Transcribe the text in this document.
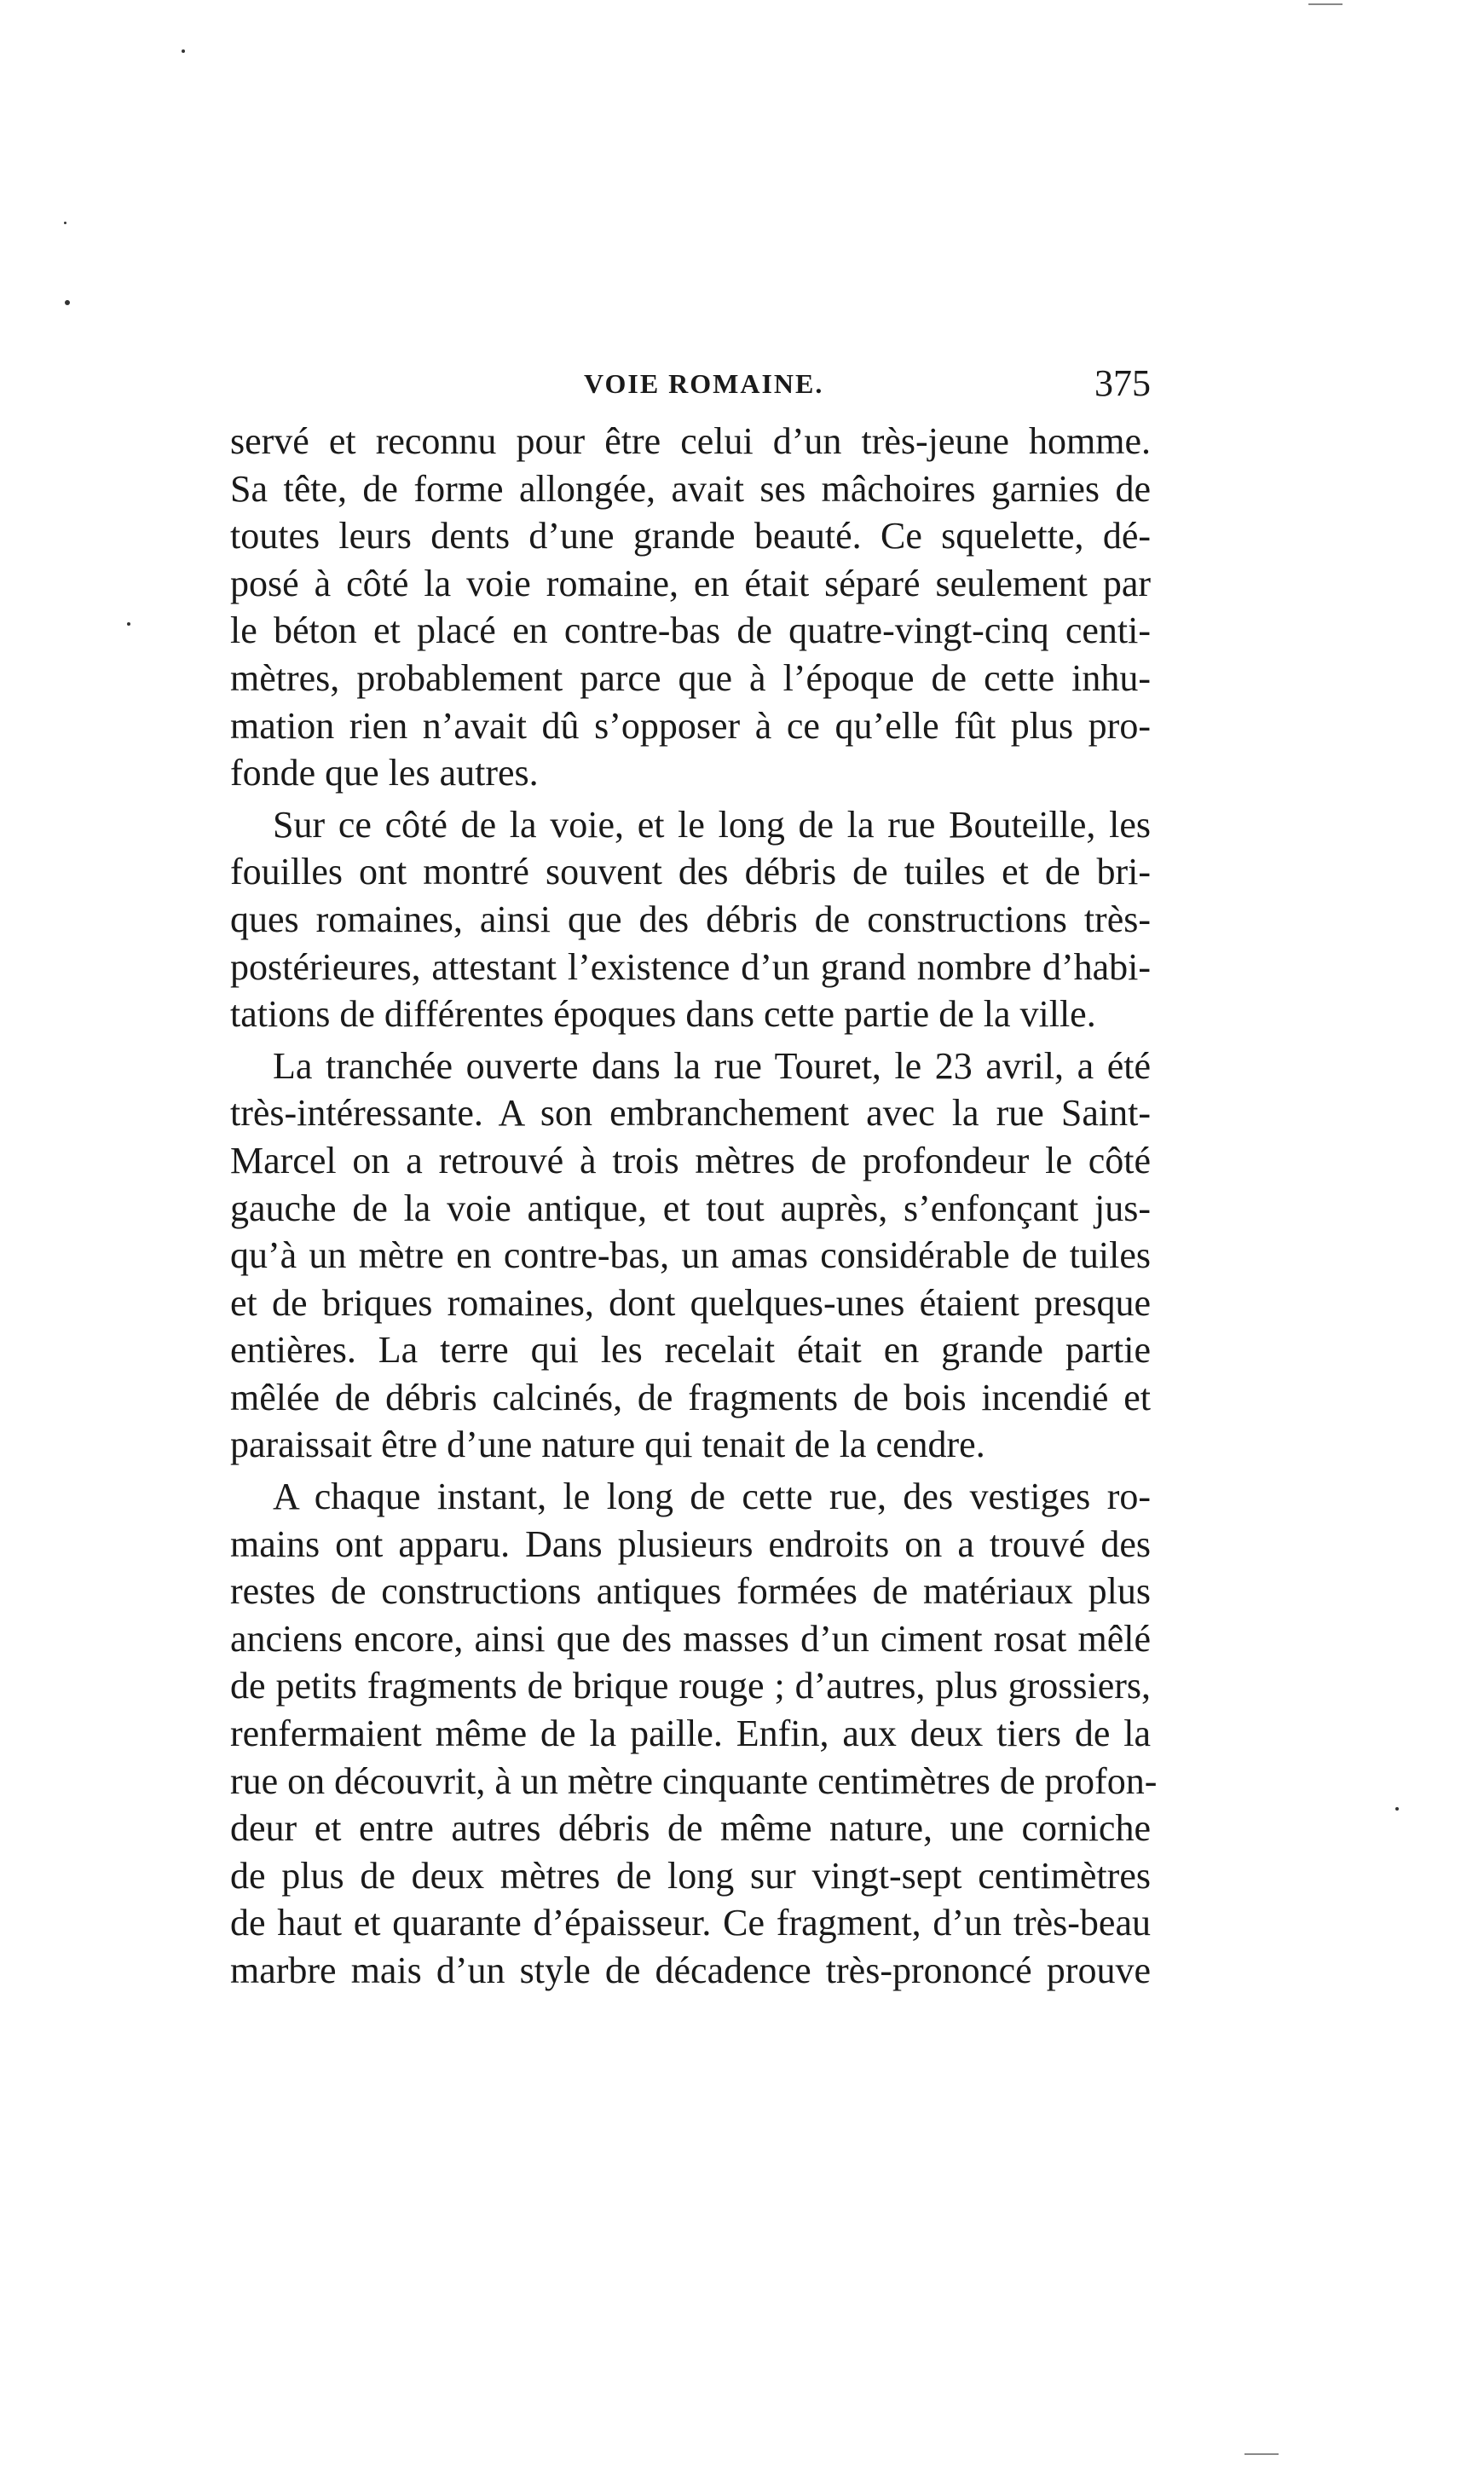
VOIE ROMAINE.	375
servé et reconnu pour être celui d’un très-jeune homme.
Sa tête, de forme allongée, avait ses mâchoires garnies de
toutes leurs dents d’une grande beauté. Ce squelette, dé-
posé à côté la voie romaine, en était séparé seulement par
le béton et placé en contre-bas de quatre-vingt-cinq centi-
mètres, probablement parce que à l’époque de cette inhu-
mation rien n’avait dû s’opposer à ce qu’elle fût plus pro-
fonde que les autres.
Sur ce côté de la voie, et le long de la rue Bouteille, les
fouilles ont montré souvent des débris de tuiles et de bri-
ques romaines, ainsi que des débris de constructions très-
postérieures, attestant l’existence d’un grand nombre d’habi-
tations de différentes époques dans cette partie de la ville.
La tranchée ouverte dans la rue Touret, le 23 avril, a été
très-intéressante. A son embranchement avec la rue Saint-
Marcel on a retrouvé à trois mètres de profondeur le côté
gauche de la voie antique, et tout auprès, s’enfonçant jus-
qu’à un mètre en contre-bas, un amas considérable de tuiles
et de briques romaines, dont quelques-unes étaient presque
entières. La terre qui les recelait était en grande partie
mêlée de débris calcinés, de fragments de bois incendié et
paraissait être d’une nature qui tenait de la cendre.
A chaque instant, le long de cette rue, des vestiges ro-
mains ont apparu. Dans plusieurs endroits on a trouvé des
restes de constructions antiques formées de matériaux plus
anciens encore, ainsi que des masses d’un ciment rosat mêlé
de petits fragments de brique rouge ; d’autres, plus grossiers,
renfermaient même de la paille. Enfin, aux deux tiers de la
rue on découvrit, à un mètre cinquante centimètres de profon-
deur et entre autres débris de même nature, une corniche
de plus de deux mètres de long sur vingt-sept centimètres
de haut et quarante d’épaisseur. Ce fragment, d’un très-beau
marbre mais d’un style de décadence très-prononcé prouve
